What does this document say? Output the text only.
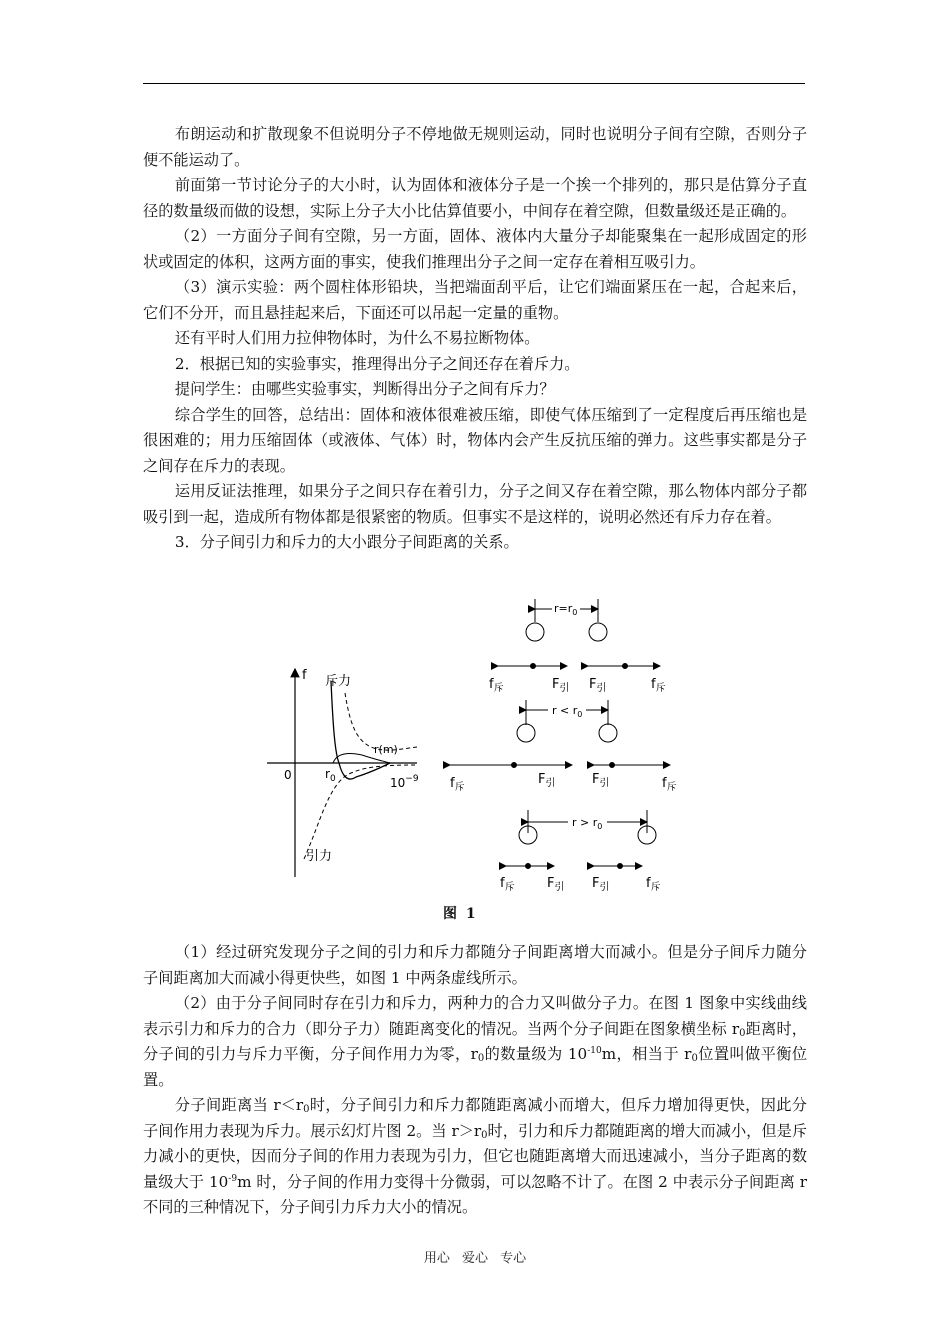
布朗运动和扩散现象不但说明分子不停地做无规则运动，同时也说明分子间有空隙，否则分子便不能运动了。

前面第一节讨论分子的大小时，认为固体和液体分子是一个挨一个排列的，那只是估算分子直径的数量级而做的设想，实际上分子大小比估算值要小，中间存在着空隙，但数量级还是正确的。

（2）一方面分子间有空隙，另一方面，固体、液体内大量分子却能聚集在一起形成固定的形状或固定的体积，这两方面的事实，使我们推理出分子之间一定存在着相互吸引力。

（3）演示实验：两个圆柱体形铅块，当把端面刮平后，让它们端面紧压在一起，合起来后，它们不分开，而且悬挂起来后，下面还可以吊起一定量的重物。

还有平时人们用力拉伸物体时，为什么不易拉断物体。

2．根据已知的实验事实，推理得出分子之间还存在着斥力。

提问学生：由哪些实验事实，判断得出分子之间有斥力？

综合学生的回答，总结出：固体和液体很难被压缩，即使气体压缩到了一定程度后再压缩也是很困难的；用力压缩固体（或液体、气体）时，物体内会产生反抗压缩的弹力。这些事实都是分子之间存在斥力的表现。

运用反证法推理，如果分子之间只存在着引力，分子之间又存在着空隙，那么物体内部分子都吸引到一起，造成所有物体都是很紧密的物质。但事实不是这样的，说明必然还有斥力存在着。

3．分子间引力和斥力的大小跟分子间距离的关系。

f 斥力
r(m)
0	$r_0$	$10^{-9}$
引力
$r=r_0$
$r < r_0$
$r > r_0$
$f_斥$	$F_引$ $F_引$	$f_斥$
$f_斥$
$F_引$	$F_引$	$f_斥$
$f_斥$ $F_引$ $F_引$	$f_斥$
图 1

（1）经过研究发现分子之间的引力和斥力都随分子间距离增大而减小。但是分子间斥力随分子间距离加大而减小得更快些，如图 1 中两条虚线所示。

（2）由于分子间同时存在引力和斥力，两种力的合力又叫做分子力。在图 1 图象中实线曲线表示引力和斥力的合力（即分子力）随距离变化的情况。当两个分子间距在图象横坐标 $r_0$距离时，分子间的引力与斥力平衡，分子间作用力为零，$r_0$的数量级为 $10^{-10}m$，相当于 $r_0$位置叫做平衡位置。

分子间距离当 $r<r_0$时，分子间引力和斥力都随距离减小而增大，但斥力增加得更快，因此分子间作用力表现为斥力。展示幻灯片图 2。当 $r>r_0$时，引力和斥力都随距离的增大而减小，但是斥力减小的更快，因而分子间的作用力表现为引力，但它也随距离增大而迅速减小，当分子距离的数量级大于 $10^{-9}m$ 时，分子间的作用力变得十分微弱，可以忽略不计了。在图 2 中表示分子间距离 r 不同的三种情况下，分子间引力斥力大小的情况。

用心 爱心 专心
